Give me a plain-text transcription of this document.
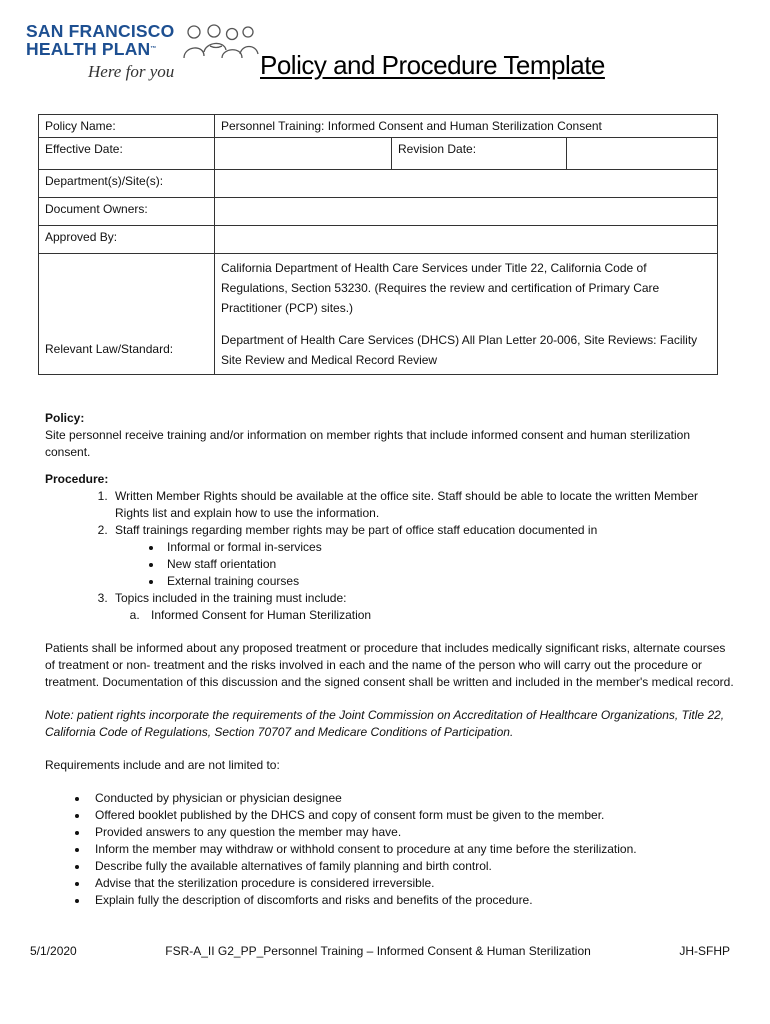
SAN FRANCISCO
HEALTH PLAN™
Here for you	Policy and Procedure Template
Policy Name:	Personnel Training: Informed Consent and Human Sterilization Consent		
Effective Date:		Revision Date:	
Department(s)/Site(s):			
Document Owners:			
Approved By:			
Relevant Law/Standard:	California Department of Health Care Services under Title 22, California Code of Regulations, Section 53230. (Requires the review and certification of Primary Care Practitioner (PCP) sites.)

Department of Health Care Services (DHCS) All Plan Letter 20-006, Site Reviews: Facility Site Review and Medical Record Review		

Policy:

Site personnel receive training and/or information on member rights that include informed consent and human sterilization consent.

Procedure:
1. Written Member Rights should be available at the office site. Staff should be able to locate the written Member Rights list and explain how to use the information.
2. Staff trainings regarding member rights may be part of office staff education documented in
• Informal or formal in-services
• New staff orientation
• External training courses
3. Topics included in the training must include:
a. Informed Consent for Human Sterilization

Patients shall be informed about any proposed treatment or procedure that includes medically significant risks, alternate courses of treatment or non- treatment and the risks involved in each and the name of the person who will carry out the procedure or treatment. Documentation of this discussion and the signed consent shall be written and included in the member's medical record.

Note: patient rights incorporate the requirements of the Joint Commission on Accreditation of Healthcare Organizations, Title 22, California Code of Regulations, Section 70707 and Medicare Conditions of Participation.

Requirements include and are not limited to:

• Conducted by physician or physician designee
• Offered booklet published by the DHCS and copy of consent form must be given to the member.
• Provided answers to any question the member may have.
• Inform the member may withdraw or withhold consent to procedure at any time before the sterilization.
• Describe fully the available alternatives of family planning and birth control.
• Advise that the sterilization procedure is considered irreversible.
• Explain fully the description of discomforts and risks and benefits of the procedure.
5/1/2020	FSR-A_II G2_PP_Personnel Training – Informed Consent & Human Sterilization	JH-SFHP
